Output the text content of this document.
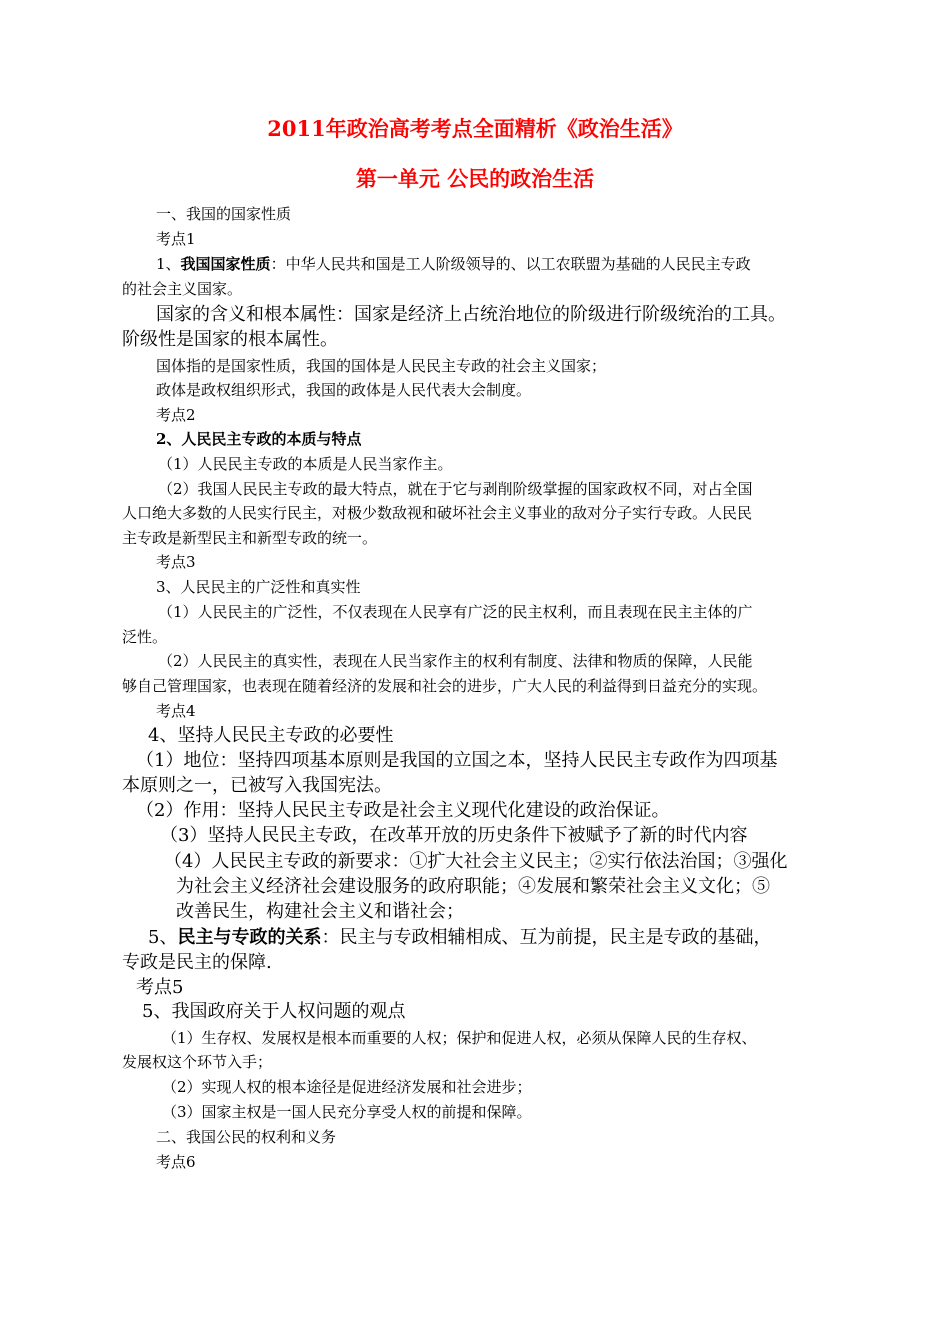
2011年政治高考考点全面精析《政治生活》
第一单元 公民的政治生活
一、我国的国家性质
考点1
1、我国国家性质：中华人民共和国是工人阶级领导的、以工农联盟为基础的人民民主专政
的社会主义国家。
国家的含义和根本属性：国家是经济上占统治地位的阶级进行阶级统治的工具。
阶级性是国家的根本属性。
国体指的是国家性质，我国的国体是人民民主专政的社会主义国家；
政体是政权组织形式，我国的政体是人民代表大会制度。
考点2
2、人民民主专政的本质与特点
（1）人民民主专政的本质是人民当家作主。
（2）我国人民民主专政的最大特点，就在于它与剥削阶级掌握的国家政权不同，对占全国
人口绝大多数的人民实行民主，对极少数敌视和破坏社会主义事业的敌对分子实行专政。人民民
主专政是新型民主和新型专政的统一。
考点3
3、人民民主的广泛性和真实性
（1）人民民主的广泛性，不仅表现在人民享有广泛的民主权利，而且表现在民主主体的广
泛性。
（2）人民民主的真实性，表现在人民当家作主的权利有制度、法律和物质的保障，人民能
够自己管理国家，也表现在随着经济的发展和社会的进步，广大人民的利益得到日益充分的实现。
考点4
4、坚持人民民主专政的必要性
（1）地位：坚持四项基本原则是我国的立国之本，坚持人民民主专政作为四项基
本原则之一，已被写入我国宪法。
（2）作用：坚持人民民主专政是社会主义现代化建设的政治保证。
（3）坚持人民民主专政，在改革开放的历史条件下被赋予了新的时代内容
（4）人民民主专政的新要求：①扩大社会主义民主；②实行依法治国；③强化
为社会主义经济社会建设服务的政府职能；④发展和繁荣社会主义文化；⑤
改善民生，构建社会主义和谐社会；
5、民主与专政的关系：民主与专政相辅相成、互为前提，民主是专政的基础，
专政是民主的保障.
考点5
5、我国政府关于人权问题的观点
（1）生存权、发展权是根本而重要的人权；保护和促进人权，必须从保障人民的生存权、
发展权这个环节入手；
（2）实现人权的根本途径是促进经济发展和社会进步；
（3）国家主权是一国人民充分享受人权的前提和保障。
二、我国公民的权利和义务
考点6
